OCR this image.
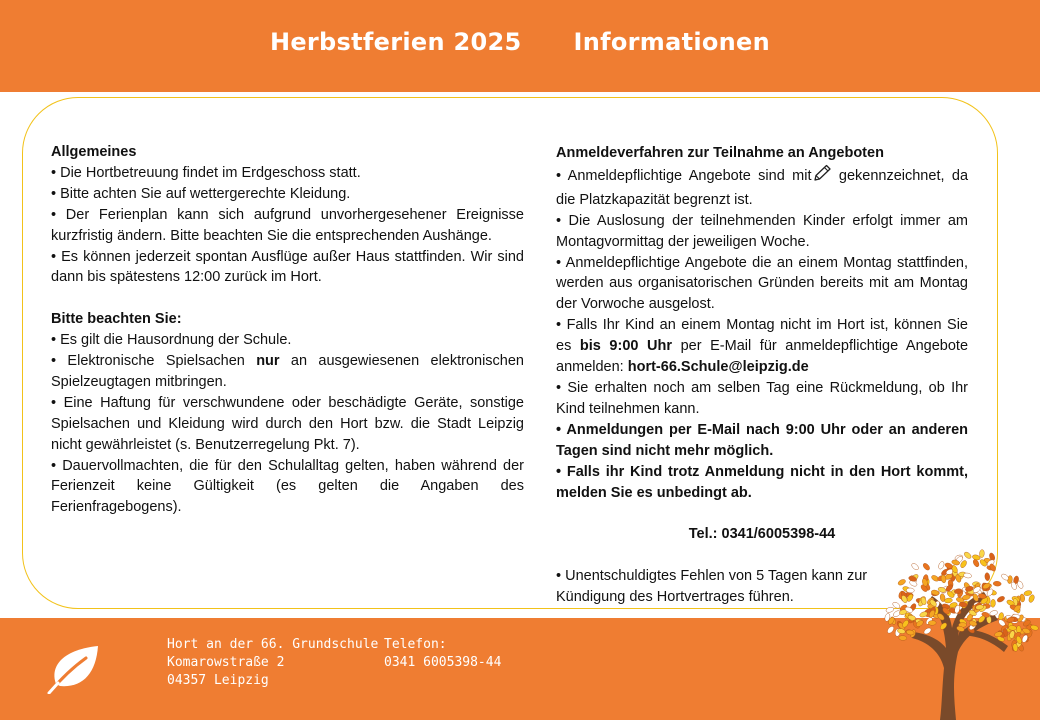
Herbstferien 2025 Informationen

Allgemeines

• Die Hortbetreuung findet im Erdgeschoss statt.

• Bitte achten Sie auf wettergerechte Kleidung.

• Der Ferienplan kann sich aufgrund unvorhergesehener Ereignisse kurzfristig ändern. Bitte beachten Sie die entsprechenden Aushänge.

• Es können jederzeit spontan Ausflüge außer Haus stattfinden. Wir sind dann bis spätestens 12:00 zurück im Hort.

Bitte beachten Sie:

• Es gilt die Hausordnung der Schule.

• Elektronische Spielsachen nur an ausgewiesenen elektronischen Spielzeugtagen mitbringen.

• Eine Haftung für verschwundene oder beschädigte Geräte, sonstige Spielsachen und Kleidung wird durch den Hort bzw. die Stadt Leipzig nicht gewährleistet (s. Benutzerregelung Pkt. 7).

• Dauervollmachten, die für den Schulalltag gelten, haben während der Ferienzeit keine Gültigkeit (es gelten die Angaben des Ferienfragebogens).

Anmeldeverfahren zur Teilnahme an Angeboten

• Anmeldepflichtige Angebote sind mit gekennzeichnet, da die Platzkapazität begrenzt ist.

• Die Auslosung der teilnehmenden Kinder erfolgt immer am Montagvormittag der jeweiligen Woche.

• Anmeldepflichtige Angebote die an einem Montag stattfinden, werden aus organisatorischen Gründen bereits mit am Montag der Vorwoche ausgelost.

• Falls Ihr Kind an einem Montag nicht im Hort ist, können Sie es bis 9:00 Uhr per E-Mail für anmeldepflichtige Angebote anmelden: hort-66.Schule@leipzig.de

• Sie erhalten noch am selben Tag eine Rückmeldung, ob Ihr Kind teilnehmen kann.

• Anmeldungen per E-Mail nach 9:00 Uhr oder an anderen Tagen sind nicht mehr möglich.

• Falls ihr Kind trotz Anmeldung nicht in den Hort kommt, melden Sie es unbedingt ab.

Tel.: 0341/6005398-44

• Unentschuldigtes Fehlen von 5 Tagen kann zur Kündigung des Hortvertrages führen.

Hort an der 66. Grundschule

Komarowstraße 2

04357 Leipzig

Telefon:

0341 6005398-44
